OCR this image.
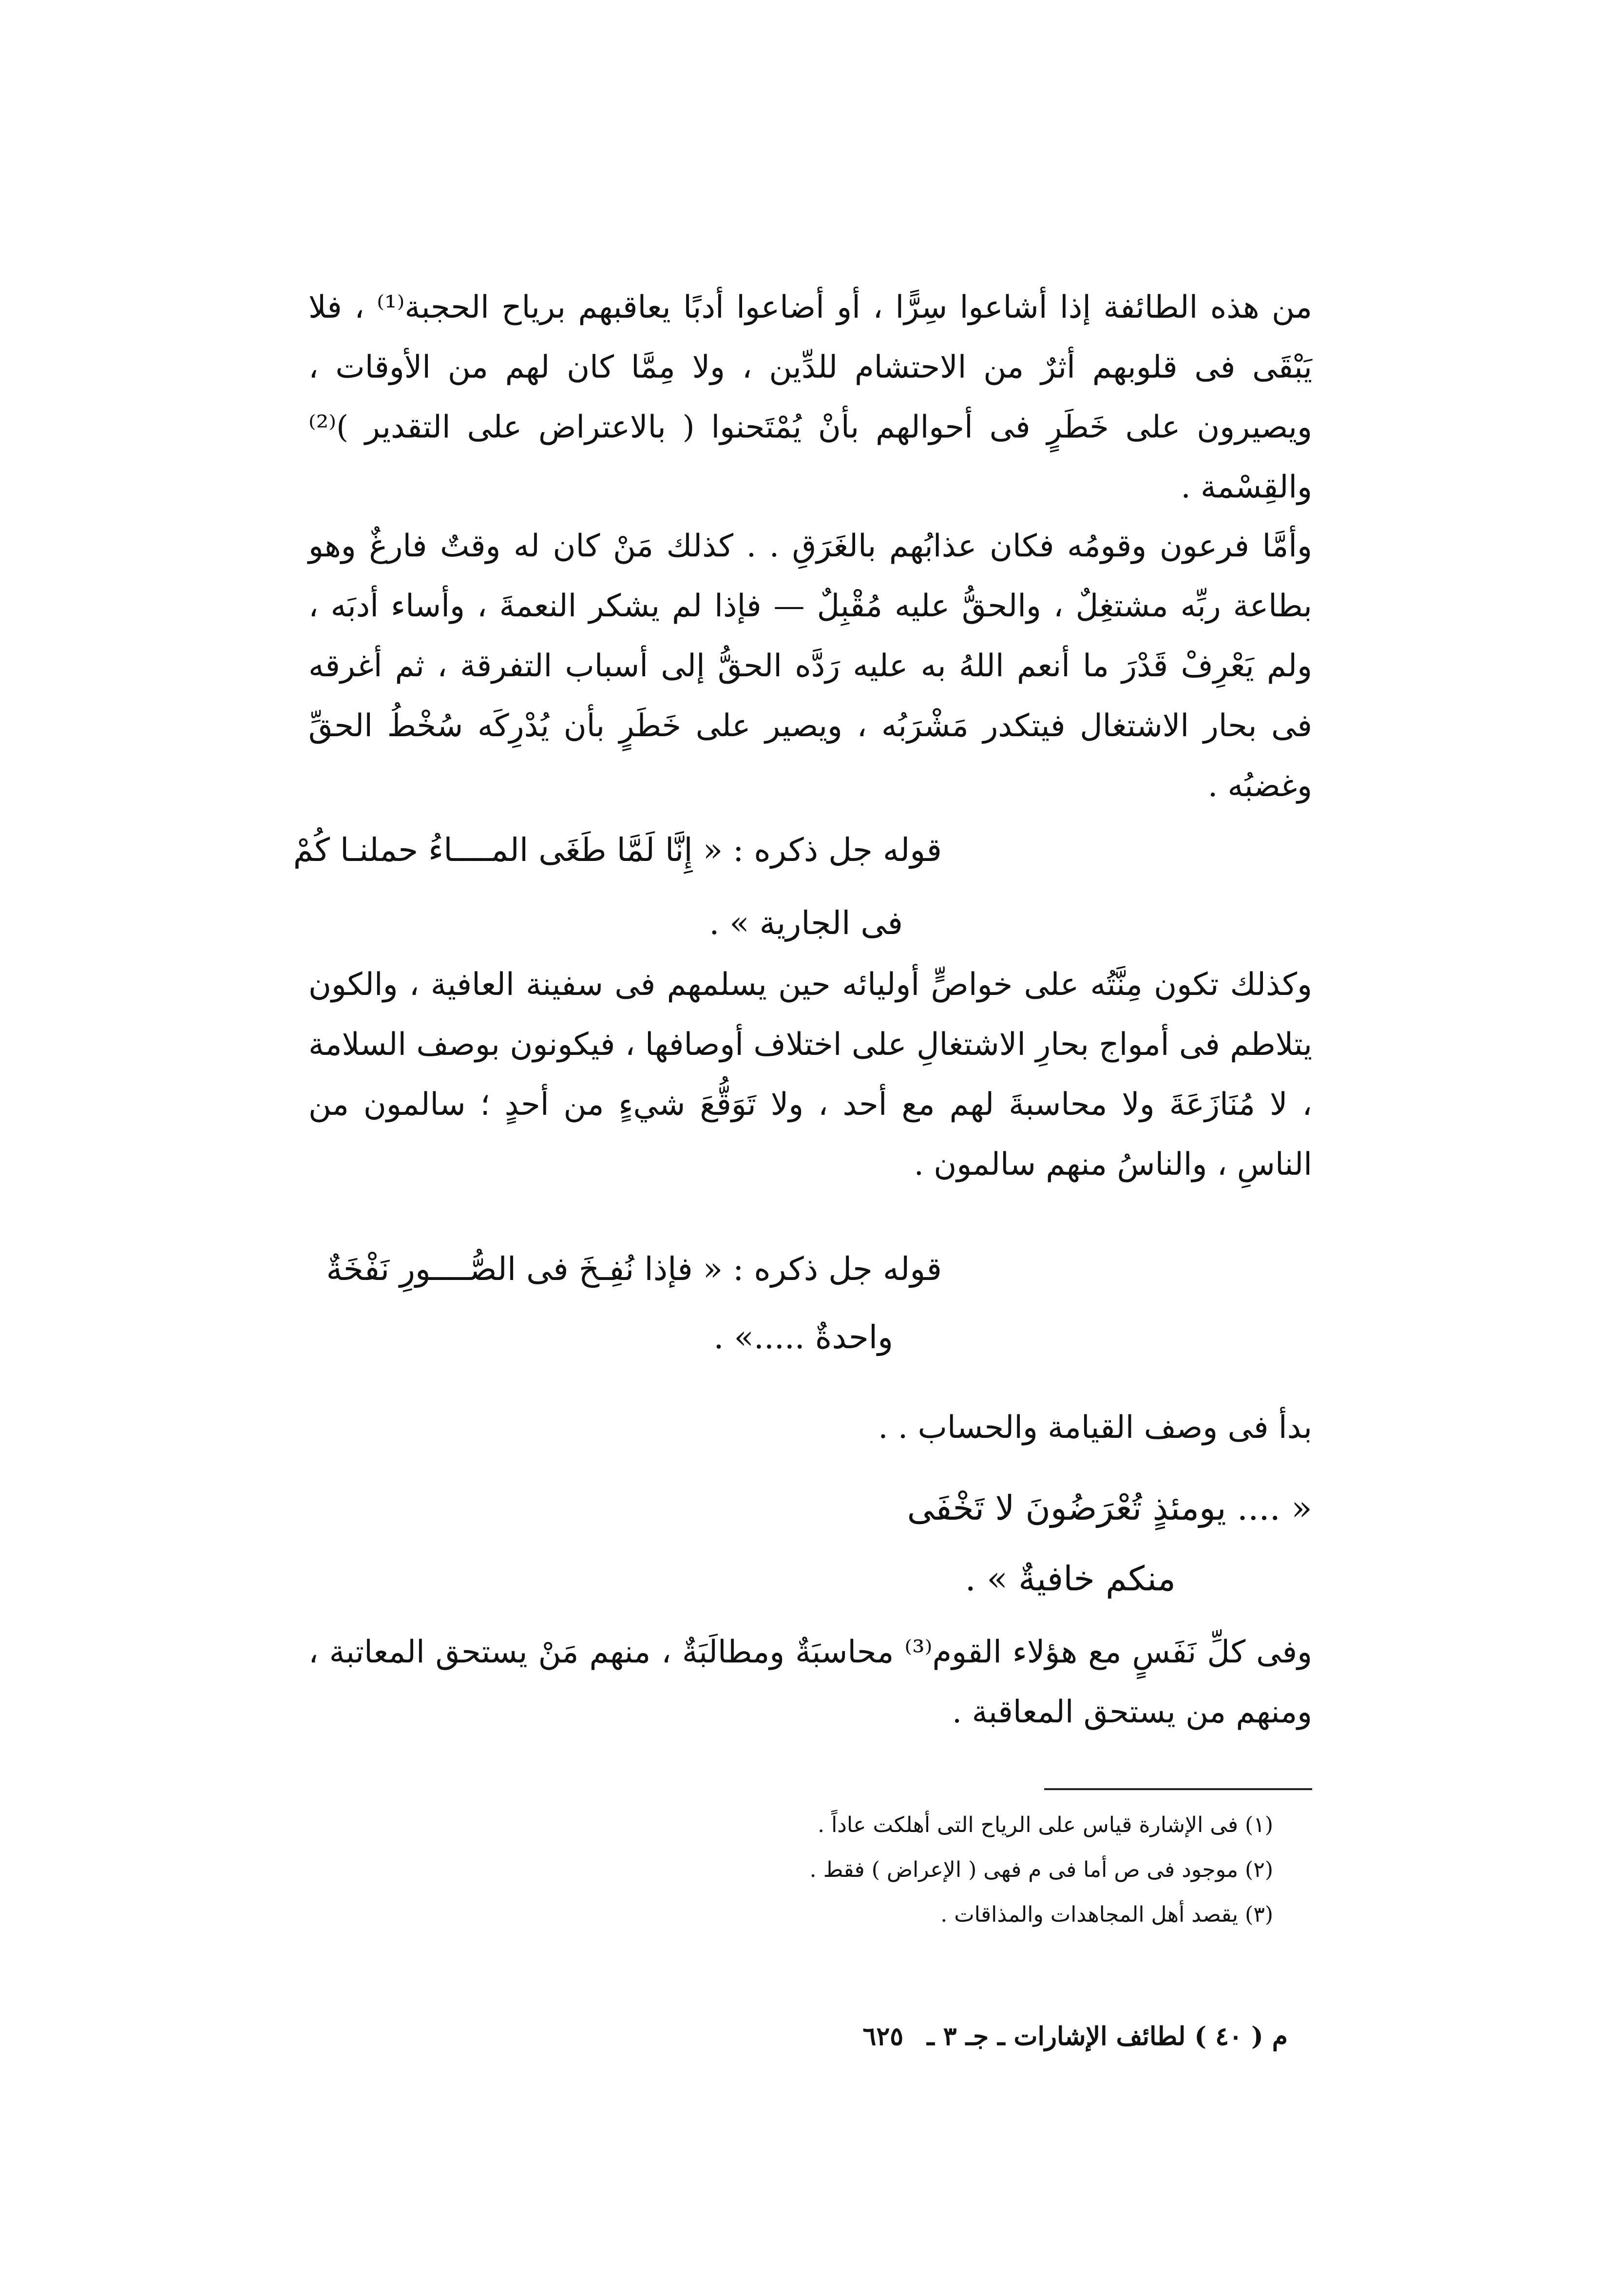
من هذه الطائفة إذا أشاعوا سِرًّا ، أو أضاعوا أدبًا يعاقبهم برياح الحجبة⁽¹⁾ ، فلا يَبْقَى فى قلوبهم أثرٌ من الاحتشام للدِّين ، ولا مِمَّا كان لهم من الأوقات ، ويصيرون على خَطَرٍ فى أحوالهم بأنْ يُمْتَحنوا ( بالاعتراض على التقدير )⁽²⁾ والقِسْمة .

وأمَّا فرعون وقومُه فكان عذابُهم بالغَرَقِ . . كذلك مَنْ كان له وقتٌ فارغٌ وهو بطاعة ربِّه مشتغِلٌ ، والحقُّ عليه مُقْبِلٌ — فإذا لم يشكر النعمةَ ، وأساء أدبَه ، ولم يَعْرِفْ قَدْرَ ما أنعم اللهُ به عليه رَدَّه الحقُّ إلى أسباب التفرقة ، ثم أغرقه فى بحار الاشتغال فيتكدر مَشْرَبُه ، ويصير على خَطَرٍ بأن يُدْرِكَه سُخْطُ الحقِّ وغضبُه .

قوله جل ذكره : « إِنَّا لَمَّا طَغَى المــــاءُ حملنـا كُمْ
فى الجارية » .

وكذلك تكون مِنَّتُه على خواصٍّ أوليائه حين يسلمهم فى سفينة العافية ، والكون يتلاطم فى أمواج بحارِ الاشتغالِ على اختلاف أوصافها ، فيكونون بوصف السلامة ، لا مُنَازَعَةَ ولا محاسبةَ لهم مع أحد ، ولا تَوَقُّعَ شيءٍ من أحدٍ ؛ سالمون من الناسِ ، والناسُ منهم سالمون .

قوله جل ذكره : « فإذا نُفِـخَ فى الصُّــــورِ نَفْخَةٌ
واحدةٌ .....» .
بدأ فى وصف القيامة والحساب . .
« .... يومئذٍ تُعْرَضُونَ لا تَخْفَى
منكم خافيةٌ » .

وفى كلِّ نَفَسٍ مع هؤلاء القوم⁽³⁾ محاسبَةٌ ومطالَبَةٌ ، منهم مَنْ يستحق المعاتبة ، ومنهم من يستحق المعاقبة .

(١) فى الإشارة قياس على الرياح التى أهلكت عاداً .
(٢) موجود فى ص أما فى م فهى ( الإعراض ) فقط .
(٣) يقصد أهل المجاهدات والمذاقات .
م ( ٤٠ ) لطائف الإشارات ـ جـ ٣ ـ ٦٢٥
